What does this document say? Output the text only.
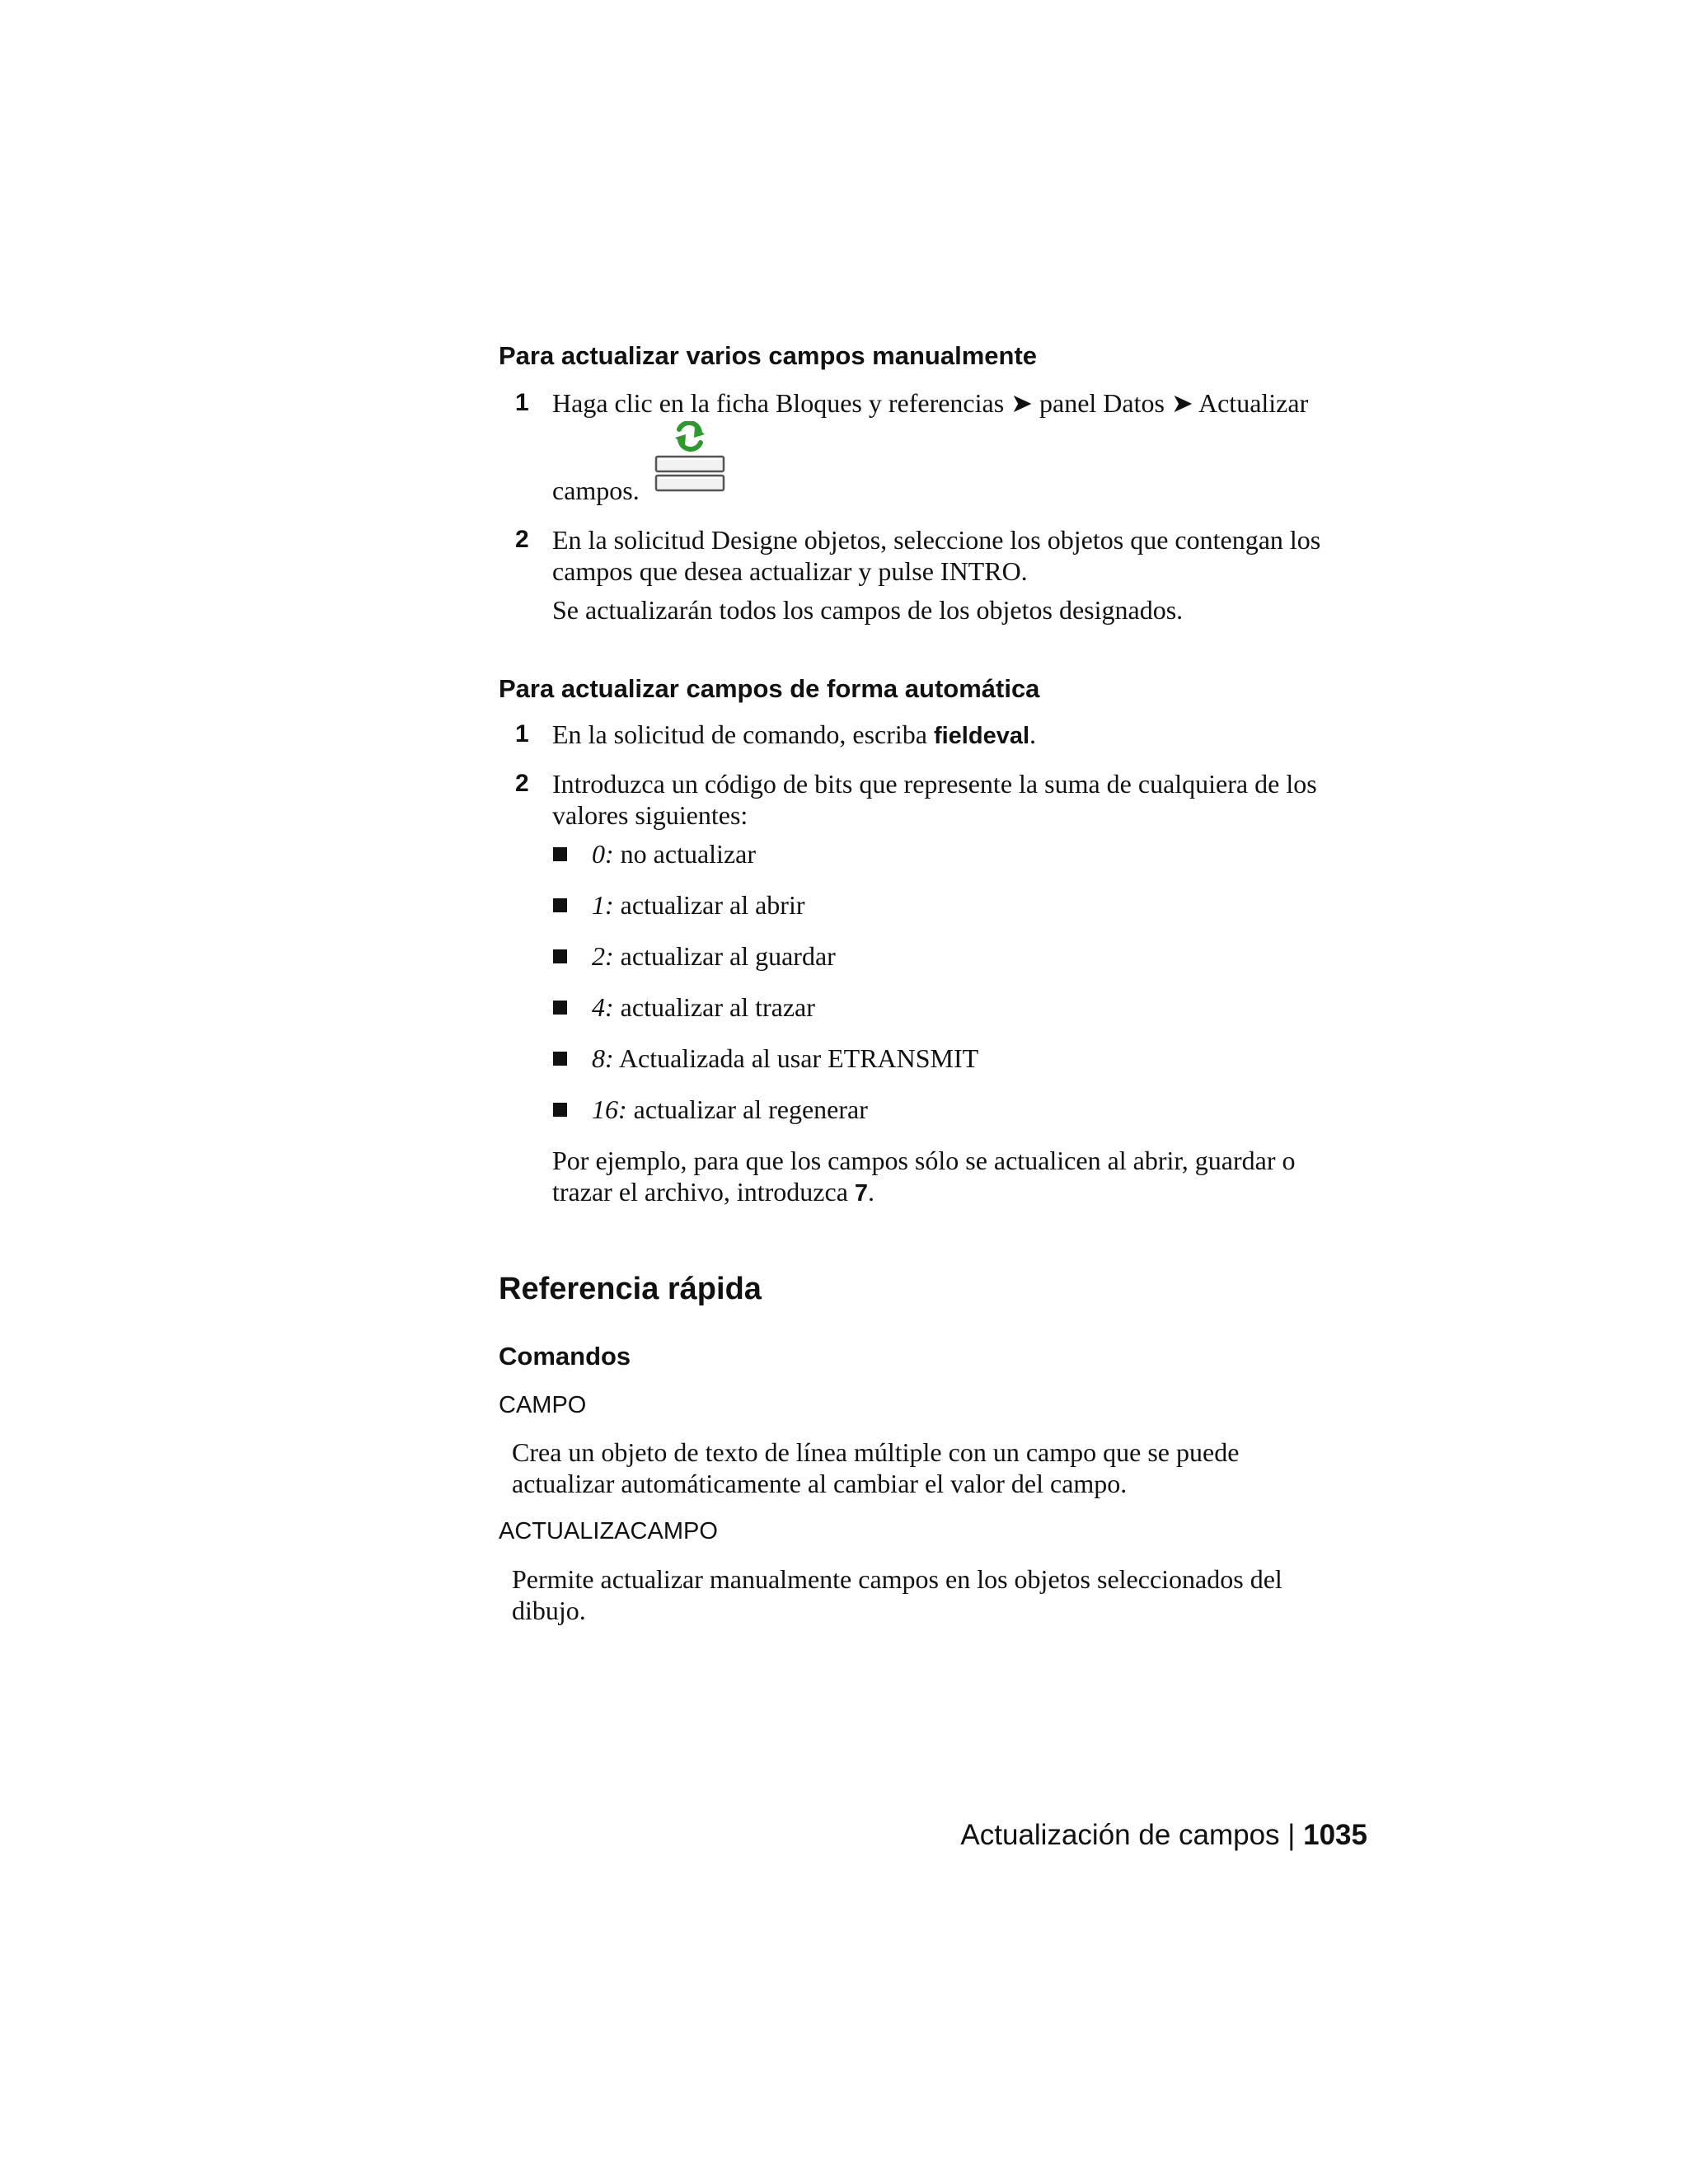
Para actualizar varios campos manualmente
1 Haga clic en la ficha Bloques y referencias ➤ panel Datos ➤ Actualizar
campos.
2 En la solicitud Designe objetos, seleccione los objetos que contengan los
campos que desea actualizar y pulse INTRO.
Se actualizarán todos los campos de los objetos designados.
Para actualizar campos de forma automática
1 En la solicitud de comando, escriba fieldeval.
2 Introduzca un código de bits que represente la suma de cualquiera de los
valores siguientes:
0: no actualizar
1: actualizar al abrir
2: actualizar al guardar
4: actualizar al trazar
8: Actualizada al usar ETRANSMIT
16: actualizar al regenerar
Por ejemplo, para que los campos sólo se actualicen al abrir, guardar o
trazar el archivo, introduzca 7.
Referencia rápida
Comandos
CAMPO
Crea un objeto de texto de línea múltiple con un campo que se puede
actualizar automáticamente al cambiar el valor del campo.
ACTUALIZACAMPO
Permite actualizar manualmente campos en los objetos seleccionados del
dibujo.
Actualización de campos | 1035
